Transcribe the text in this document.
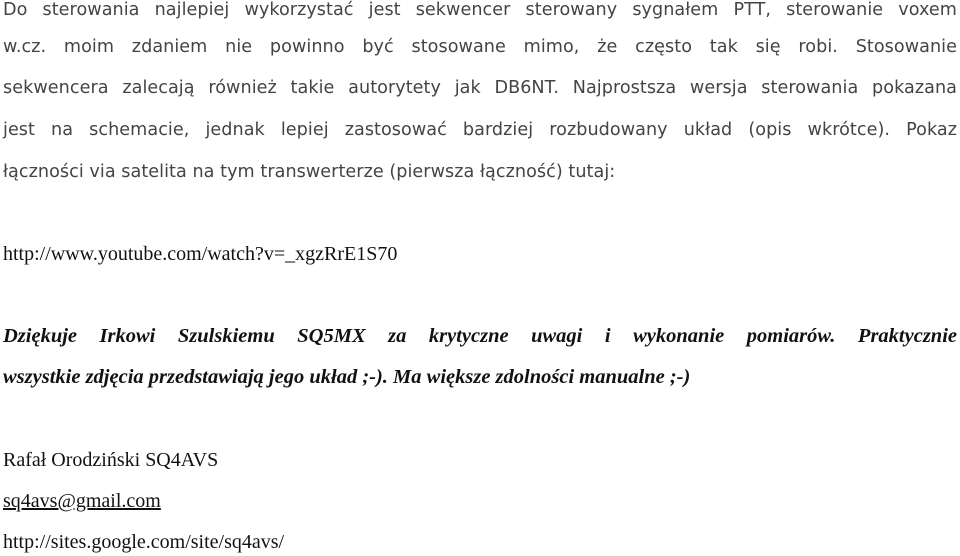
Do sterowania najlepiej wykorzystać jest sekwencer sterowany sygnałem PTT, sterowanie voxem
w.cz. moim zdaniem nie powinno być stosowane mimo, że często tak się robi. Stosowanie
sekwencera zalecają również takie autorytety jak DB6NT. Najprostsza wersja sterowania pokazana
jest na schemacie, jednak lepiej zastosować bardziej rozbudowany układ (opis wkrótce). Pokaz
łączności via satelita na tym transwerterze (pierwsza łączność) tutaj:
http://www.youtube.com/watch?v=_xgzRrE1S70
Dziękuje Irkowi Szulskiemu SQ5MX za krytyczne uwagi i wykonanie pomiarów. Praktycznie
wszystkie zdjęcia przedstawiają jego układ ;-). Ma większe zdolności manualne ;-)
Rafał Orodziński SQ4AVS
sq4avs@gmail.com
http://sites.google.com/site/sq4avs/
